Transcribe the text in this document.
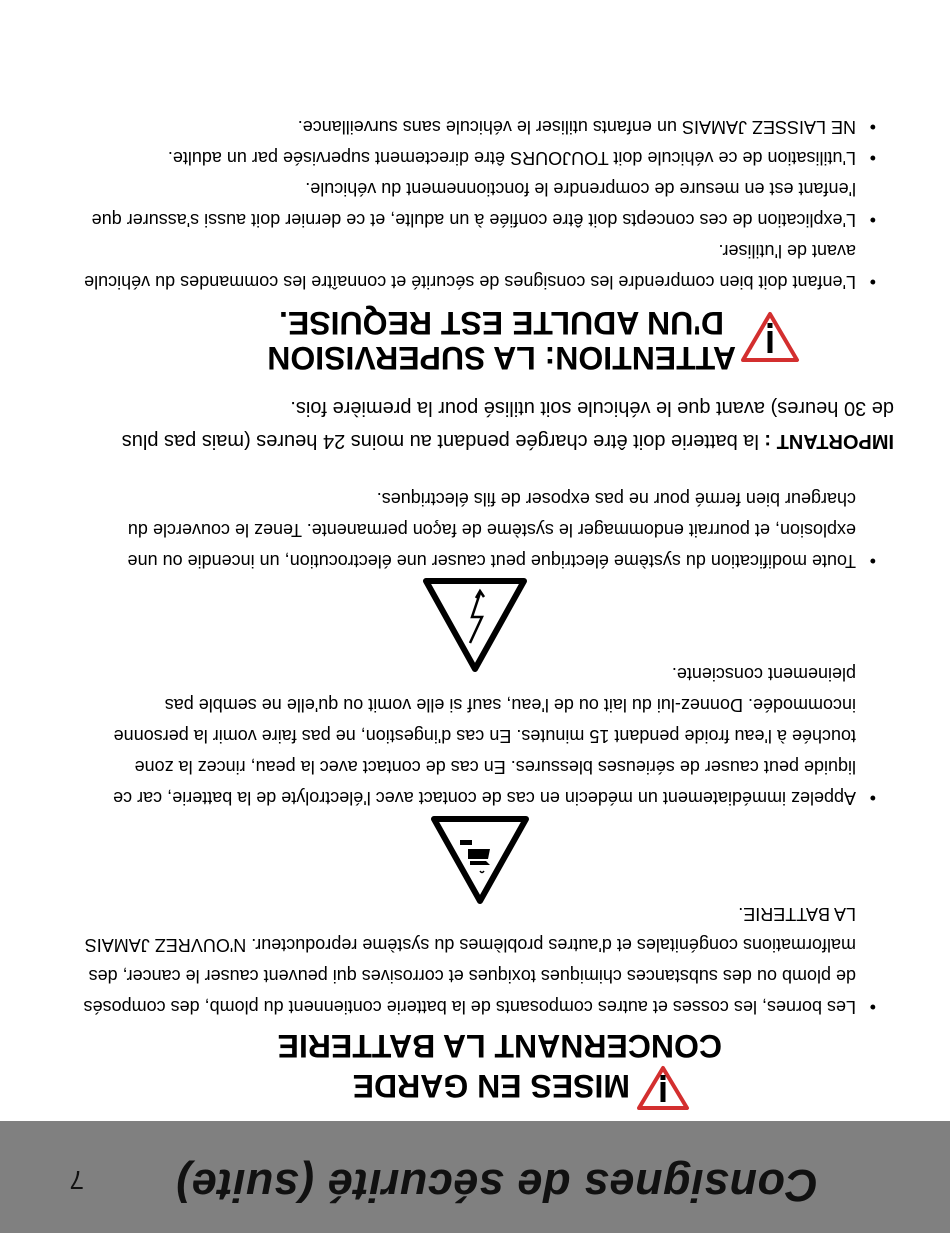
Consignes de sécurité (suite)
7
MISES EN GARDE
CONCERNANT LA BATTERIE
• Les bornes, les cosses et autres composants de la batterie contiennent du plomb, des composés de plomb ou des substances chimiques toxiques et corrosives qui peuvent causer le cancer, des malformations congénitales et d'autres problèmes du système reproducteur. N'OUVREZ JAMAIS LA BATTERIE.
• Appelez immédiatement un médecin en cas de contact avec l'électrolyte de la batterie, car ce liquide peut causer de sérieuses blessures. En cas de contact avec la peau, rincez la zone touchée à l'eau froide pendant 15 minutes. En cas d'ingestion, ne pas faire vomir la personne incommodée. Donnez-lui du lait ou de l'eau, sauf si elle vomit ou qu'elle ne semble pas pleinement consciente.
• Toute modification du système électrique peut causer une électrocution, un incendie ou une explosion, et pourrait endommager le système de façon permanente. Tenez le couvercle du chargeur bien fermé pour ne pas exposer de fils électriques.
IMPORTANT : la batterie doit être chargée pendant au moins 24 heures (mais pas plus de 30 heures) avant que le véhicule soit utilisé pour la première fois.
ATTENTION: LA SUPERVISION
D'UN ADULTE EST REQUISE.
• L'enfant doit bien comprendre les consignes de sécurité et connaître les commandes du véhicule avant de l'utiliser.
• L'explication de ces concepts doit être confiée à un adulte, et ce dernier doit aussi s'assurer que l'enfant est en mesure de comprendre le fonctionnement du véhicule.
• L'utilisation de ce véhicule doit TOUJOURS être directement supervisée par un adulte.
• NE LAISSEZ JAMAIS un enfants utiliser le véhicule sans surveillance.
